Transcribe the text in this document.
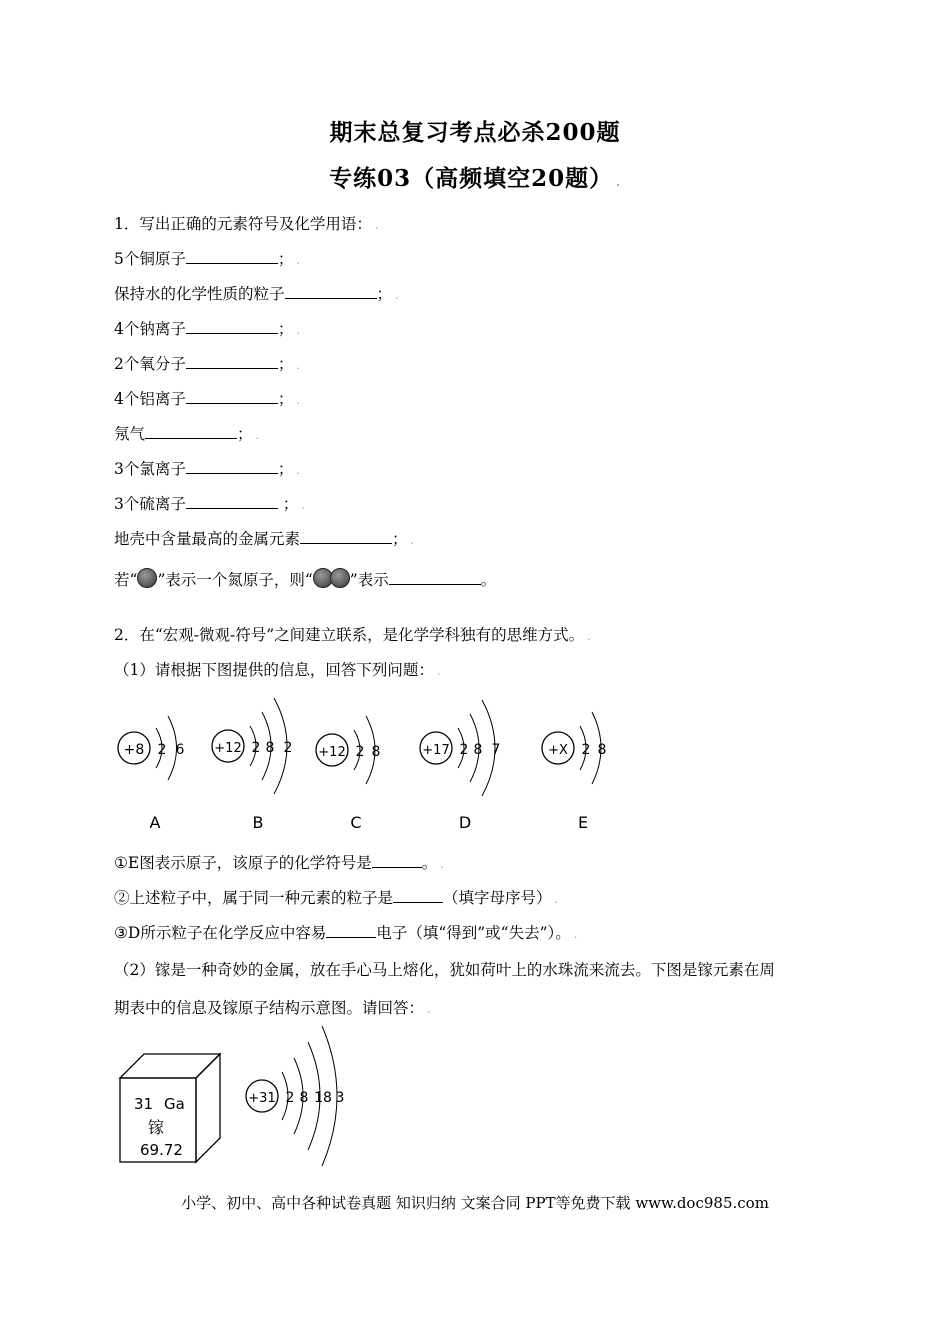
期末总复习考点必杀200题
专练03（高频填空20题） .
1．写出正确的元素符号及化学用语： .
5个铜原子	； .
保持水的化学性质的粒子	； .
4个钠离子	； .
2个氧分子	； .
4个铝离子	； .
氖气	； .
3个氯离子	； .
3个硫离子	； .
地壳中含量最高的金属元素	； .
若“ ”表示一个氮原子，则“ ”表示	。
2．在“宏观-微观-符号”之间建立联系，是化学学科独有的思维方式。 .
（1）请根据下图提供的信息，回答下列问题： .
+8 2 6
A
+12 2 8 2
B
+12 2 8
C
+17 2 8 7
D
+X 2 8
E
①E图表示原子，该原子的化学符号是	。 .
②上述粒子中，属于同一种元素的粒子是	（填字母序号） .
③D所示粒子在化学反应中容易	电子（填“得到”或“失去”）。 .
（2）镓是一种奇妙的金属，放在手心马上熔化，犹如荷叶上的水珠流来流去。下图是镓元素在周
期表中的信息及镓原子结构示意图。请回答： .
31 Ga
镓
69.72
+31 2 8 18 3
小学、初中、高中各种试卷真题 知识归纳 文案合同 PPT等免费下载 www.doc985.com
